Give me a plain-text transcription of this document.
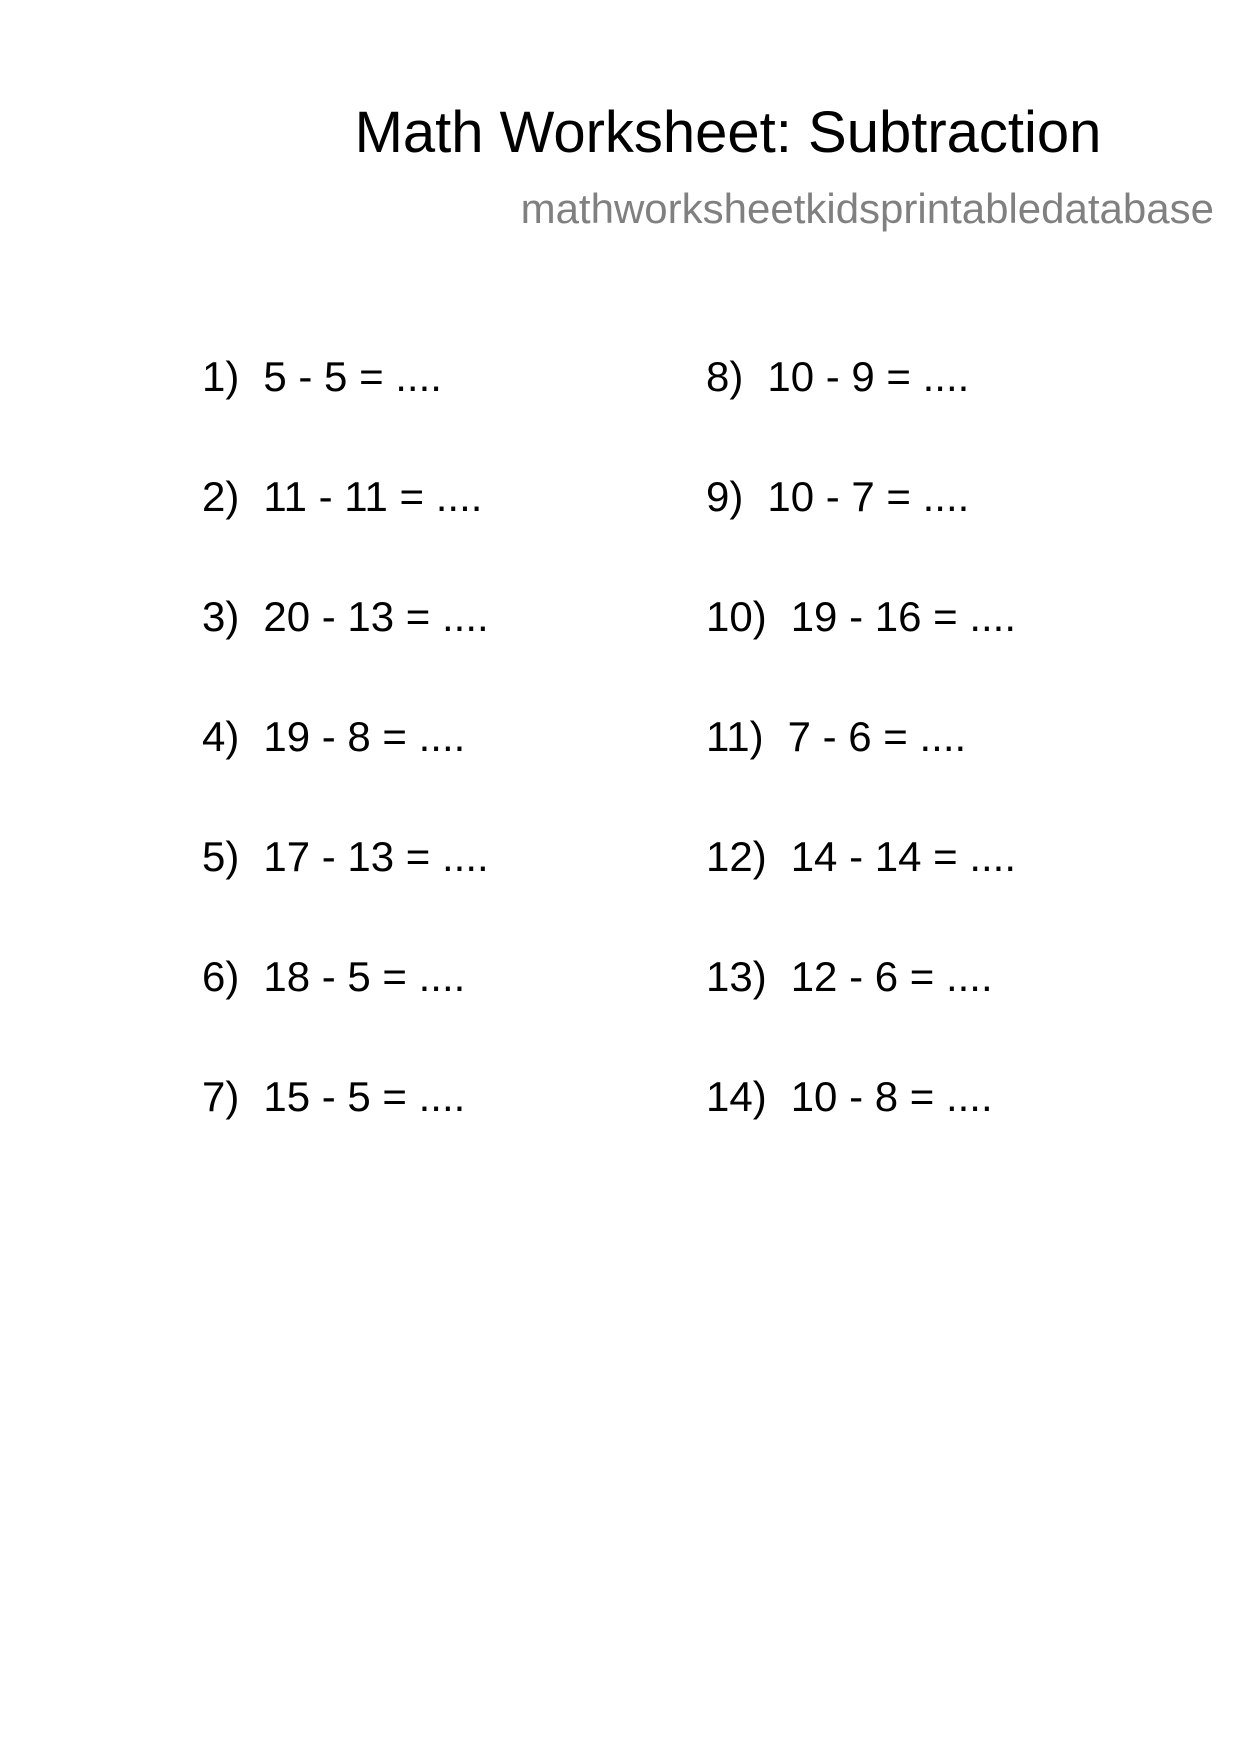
Math Worksheet: Subtraction

mathworksheetkidsprintabledatabase

1) 5 - 5 = ....
2) 11 - 11 = ....
3) 20 - 13 = ....
4) 19 - 8 = ....
5) 17 - 13 = ....
6) 18 - 5 = ....
7) 15 - 5 = ....
8) 10 - 9 = ....
9) 10 - 7 = ....
10) 19 - 16 = ....
11) 7 - 6 = ....
12) 14 - 14 = ....
13) 12 - 6 = ....
14) 10 - 8 = ....
